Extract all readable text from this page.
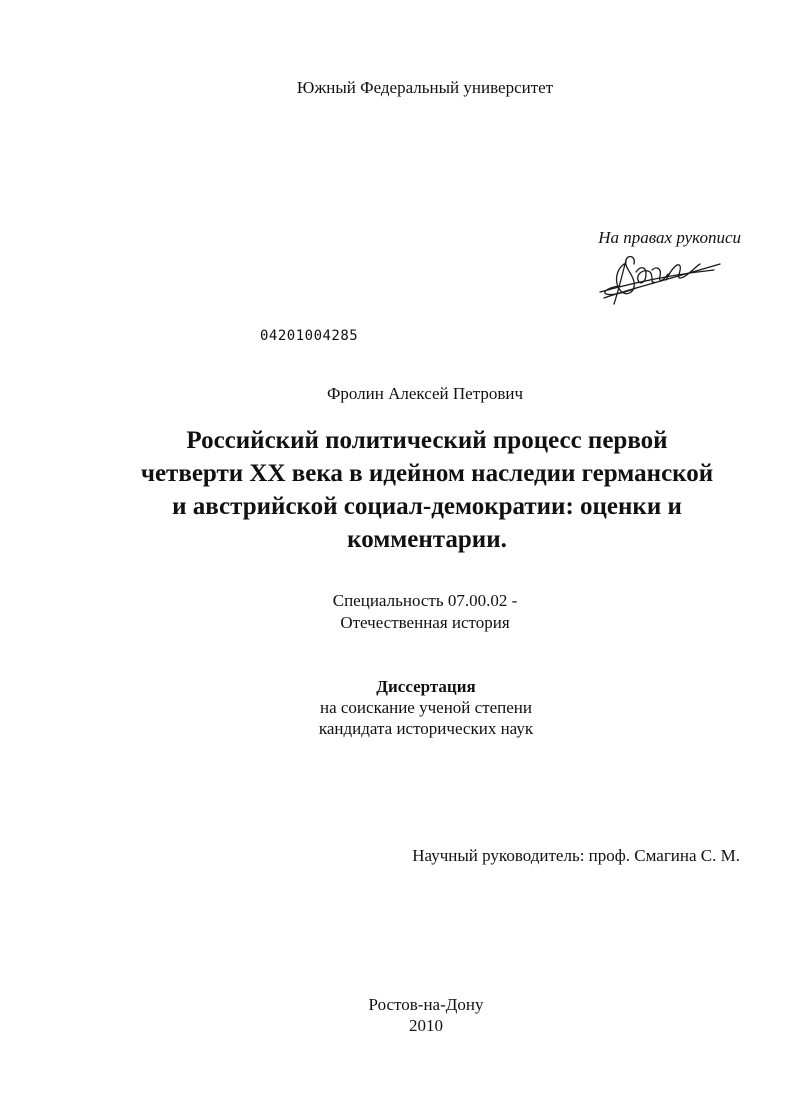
Южный Федеральный университет
На правах рукописи
04201004285
Фролин Алексей Петрович
Российский политический процесс первой
четверти XX века в идейном наследии германской
и австрийской социал-демократии: оценки и
комментарии.
Специальность 07.00.02 -
Отечественная история
Диссертация
на соискание ученой степени
кандидата исторических наук
Научный руководитель: проф. Смагина С. М.
Ростов-на-Дону
2010
